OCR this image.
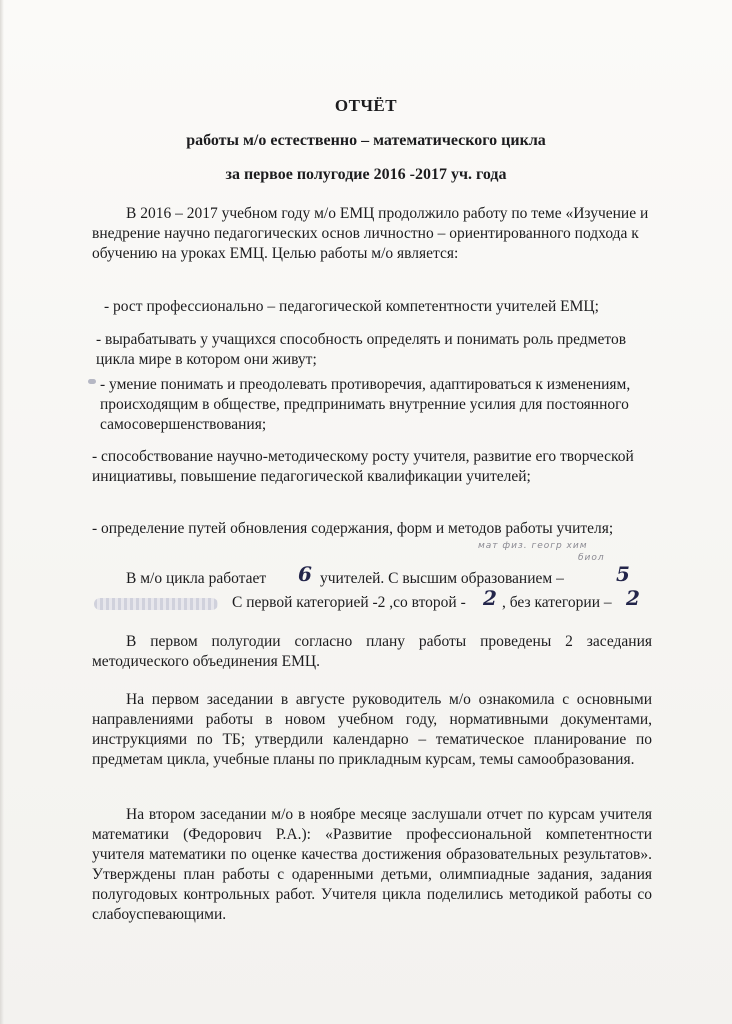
ОТЧЁТ
работы м/о естественно – математического цикла
за первое полугодие 2016 -2017 уч. года
В 2016 – 2017 учебном году м/о ЕМЦ продолжило работу по теме «Изучение и внедрение научно педагогических основ личностно – ориентированного подхода к обучению на уроках ЕМЦ. Целью работы м/о является:
- рост профессионально – педагогической компетентности учителей ЕМЦ;
- вырабатывать у учащихся способность определять и понимать роль предметов цикла мире в котором они живут;
- умение понимать и преодолевать противоречия, адаптироваться к изменениям, происходящим в обществе, предпринимать внутренние усилия для постоянного самосовершенствования;
- способствование научно-методическому росту учителя, развитие его творческой инициативы, повышение педагогической квалификации учителей;
- определение путей обновления содержания, форм и методов работы учителя;
мат физ. геогр хим
биол
В м/о цикла работает	6 учителей. С высшим образованием –	5
С первой категорией -2 ,со второй - 2 , без категории – 2
В первом полугодии согласно плану работы проведены 2 заседания методического объединения ЕМЦ.
На первом заседании в августе руководитель м/о ознакомила с основными направлениями работы в новом учебном году, нормативными документами, инструкциями по ТБ; утвердили календарно – тематическое планирование по предметам цикла, учебные планы по прикладным курсам, темы самообразования.
На втором заседании м/о в ноябре месяце заслушали отчет по курсам учителя математики (Федорович Р.А.): «Развитие профессиональной компетентности учителя математики по оценке качества достижения образовательных результатов». Утверждены план работы с одаренными детьми, олимпиадные задания, задания полугодовых контрольных работ. Учителя цикла поделились методикой работы со слабоуспевающими.
